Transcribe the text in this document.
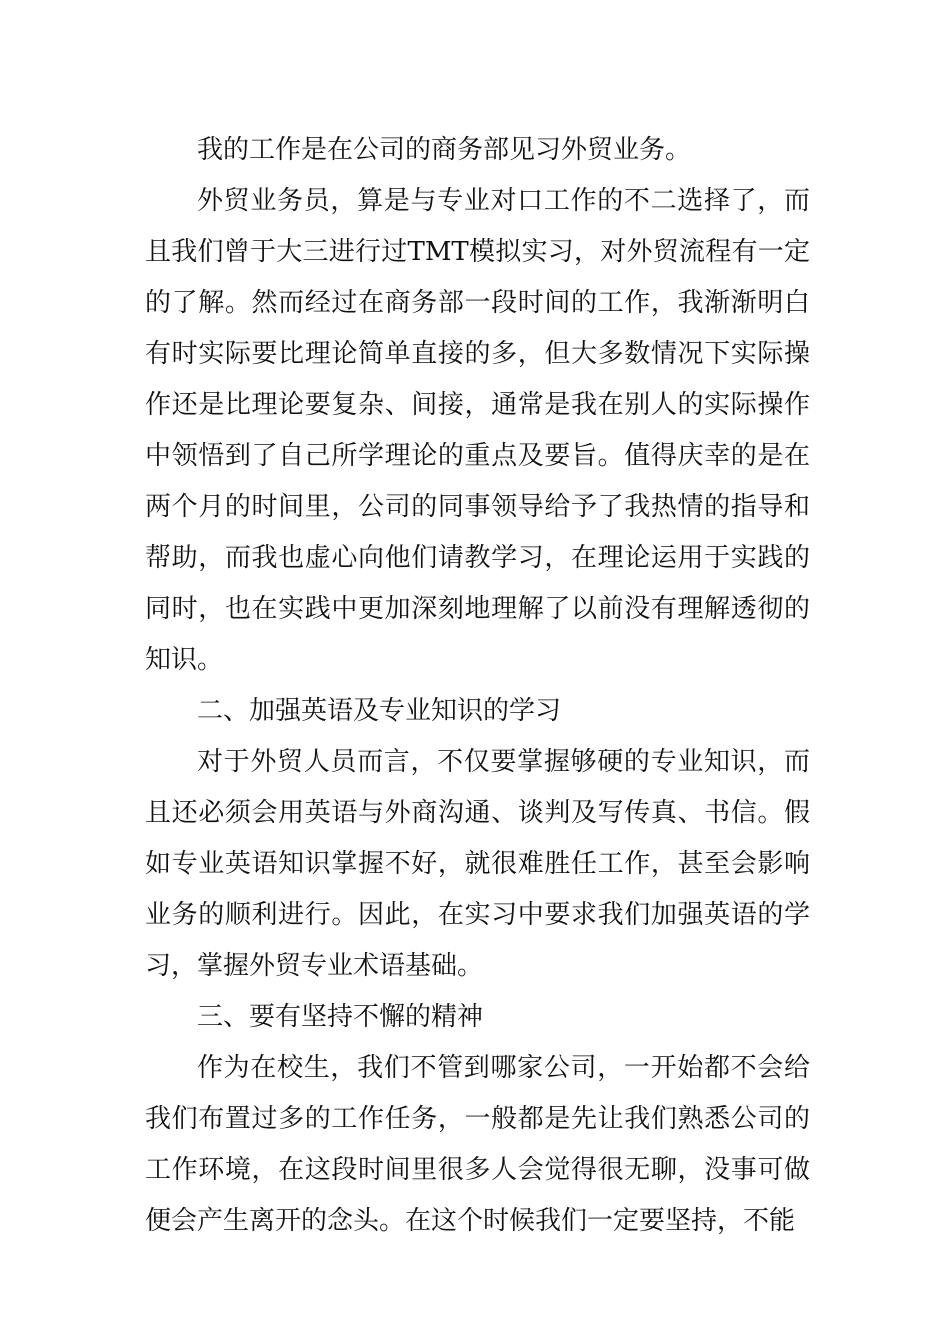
我的工作是在公司的商务部见习外贸业务。

外贸业务员，算是与专业对口工作的不二选择了，而且我们曾于大三进行过TMT模拟实习，对外贸流程有一定的了解。然而经过在商务部一段时间的工作，我渐渐明白有时实际要比理论简单直接的多，但大多数情况下实际操作还是比理论要复杂、间接，通常是我在别人的实际操作中领悟到了自己所学理论的重点及要旨。值得庆幸的是在两个月的时间里，公司的同事领导给予了我热情的指导和帮助，而我也虚心向他们请教学习，在理论运用于实践的同时，也在实践中更加深刻地理解了以前没有理解透彻的知识。

二、加强英语及专业知识的学习

对于外贸人员而言，不仅要掌握够硬的专业知识，而且还必须会用英语与外商沟通、谈判及写传真、书信。假如专业英语知识掌握不好，就很难胜任工作，甚至会影响业务的顺利进行。因此，在实习中要求我们加强英语的学习，掌握外贸专业术语基础。

三、要有坚持不懈的精神

作为在校生，我们不管到哪家公司，一开始都不会给我们布置过多的工作任务，一般都是先让我们熟悉公司的工作环境，在这段时间里很多人会觉得很无聊，没事可做便会产生离开的念头。在这个时候我们一定要坚持，不能
